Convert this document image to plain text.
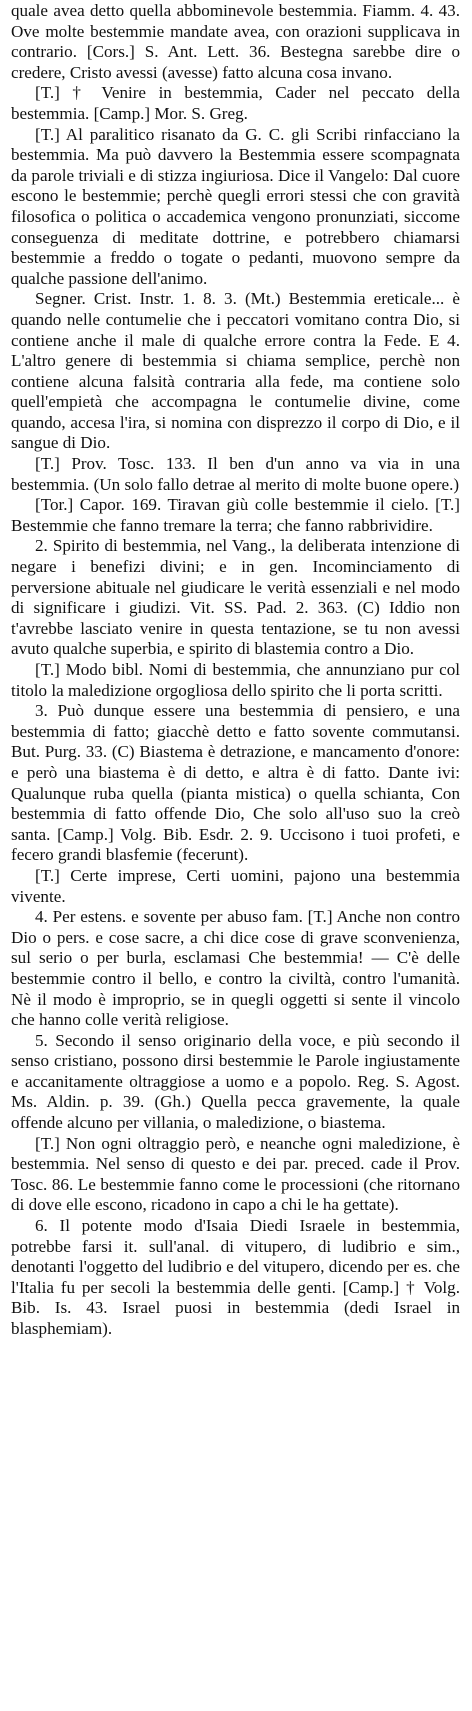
quale avea detto quella abbominevole bestemmia. Fiamm. 4. 43. Ove molte bestemmie mandate avea, con orazioni supplicava in contrario. [Cors.] S. Ant. Lett. 36. Bestegna sarebbe dire o credere, Cristo avessi (avesse) fatto alcuna cosa invano.

[T.] † Venire in bestemmia, Cader nel peccato della bestemmia. [Camp.] Mor. S. Greg.

[T.] Al paralitico risanato da G. C. gli Scribi rinfacciano la bestemmia. Ma può davvero la Bestemmia essere scompagnata da parole triviali e di stizza ingiuriosa. Dice il Vangelo: Dal cuore escono le bestemmie; perchè quegli errori stessi che con gravità filosofica o politica o accademica vengono pronunziati, siccome conseguenza di meditate dottrine, e potrebbero chiamarsi bestemmie a freddo o togate o pedanti, muovono sempre da qualche passione dell'animo.

Segner. Crist. Instr. 1. 8. 3. (Mt.) Bestemmia ereticale... è quando nelle contumelie che i peccatori vomitano contra Dio, si contiene anche il male di qualche errore contra la Fede. E 4. L'altro genere di bestemmia si chiama semplice, perchè non contiene alcuna falsità contraria alla fede, ma contiene solo quell'empietà che accompagna le contumelie divine, come quando, accesa l'ira, si nomina con disprezzo il corpo di Dio, e il sangue di Dio.

[T.] Prov. Tosc. 133. Il ben d'un anno va via in una bestemmia. (Un solo fallo detrae al merito di molte buone opere.)

[Tor.] Capor. 169. Tiravan giù colle bestemmie il cielo. [T.] Bestemmie che fanno tremare la terra; che fanno rabbrividire.

2. Spirito di bestemmia, nel Vang., la deliberata intenzione di negare i benefizi divini; e in gen. Incominciamento di perversione abituale nel giudicare le verità essenziali e nel modo di significare i giudizi. Vit. SS. Pad. 2. 363. (C) Iddio non t'avrebbe lasciato venire in questa tentazione, se tu non avessi avuto qualche superbia, e spirito di blastemia contro a Dio.

[T.] Modo bibl. Nomi di bestemmia, che annunziano pur col titolo la maledizione orgogliosa dello spirito che li porta scritti.

3. Può dunque essere una bestemmia di pensiero, e una bestemmia di fatto; giacchè detto e fatto sovente commutansi. But. Purg. 33. (C) Biastema è detrazione, e mancamento d'onore: e però una biastema è di detto, e altra è di fatto. Dante ivi: Qualunque ruba quella (pianta mistica) o quella schianta, Con bestemmia di fatto offende Dio, Che solo all'uso suo la creò santa. [Camp.] Volg. Bib. Esdr. 2. 9. Uccisono i tuoi profeti, e fecero grandi blasfemie (fecerunt).

[T.] Certe imprese, Certi uomini, pajono una bestemmia vivente.

4. Per estens. e sovente per abuso fam. [T.] Anche non contro Dio o pers. e cose sacre, a chi dice cose di grave sconvenienza, sul serio o per burla, esclamasi Che bestemmia! — C'è delle bestemmie contro il bello, e contro la civiltà, contro l'umanità. Nè il modo è improprio, se in quegli oggetti si sente il vincolo che hanno colle verità religiose.

5. Secondo il senso originario della voce, e più secondo il senso cristiano, possono dirsi bestemmie le Parole ingiustamente e accanitamente oltraggiose a uomo e a popolo. Reg. S. Agost. Ms. Aldin. p. 39. (Gh.) Quella pecca gravemente, la quale offende alcuno per villania, o maledizione, o biastema.

[T.] Non ogni oltraggio però, e neanche ogni maledizione, è bestemmia. Nel senso di questo e dei par. preced. cade il Prov. Tosc. 86. Le bestemmie fanno come le processioni (che ritornano di dove elle escono, ricadono in capo a chi le ha gettate).

6. Il potente modo d'Isaia Diedi Israele in bestemmia, potrebbe farsi it. sull'anal. di vitupero, di ludibrio e sim., denotanti l'oggetto del ludibrio e del vitupero, dicendo per es. che l'Italia fu per secoli la bestemmia delle genti. [Camp.] † Volg. Bib. Is. 43. Israel puosi in bestemmia (dedi Israel in blasphemiam).
